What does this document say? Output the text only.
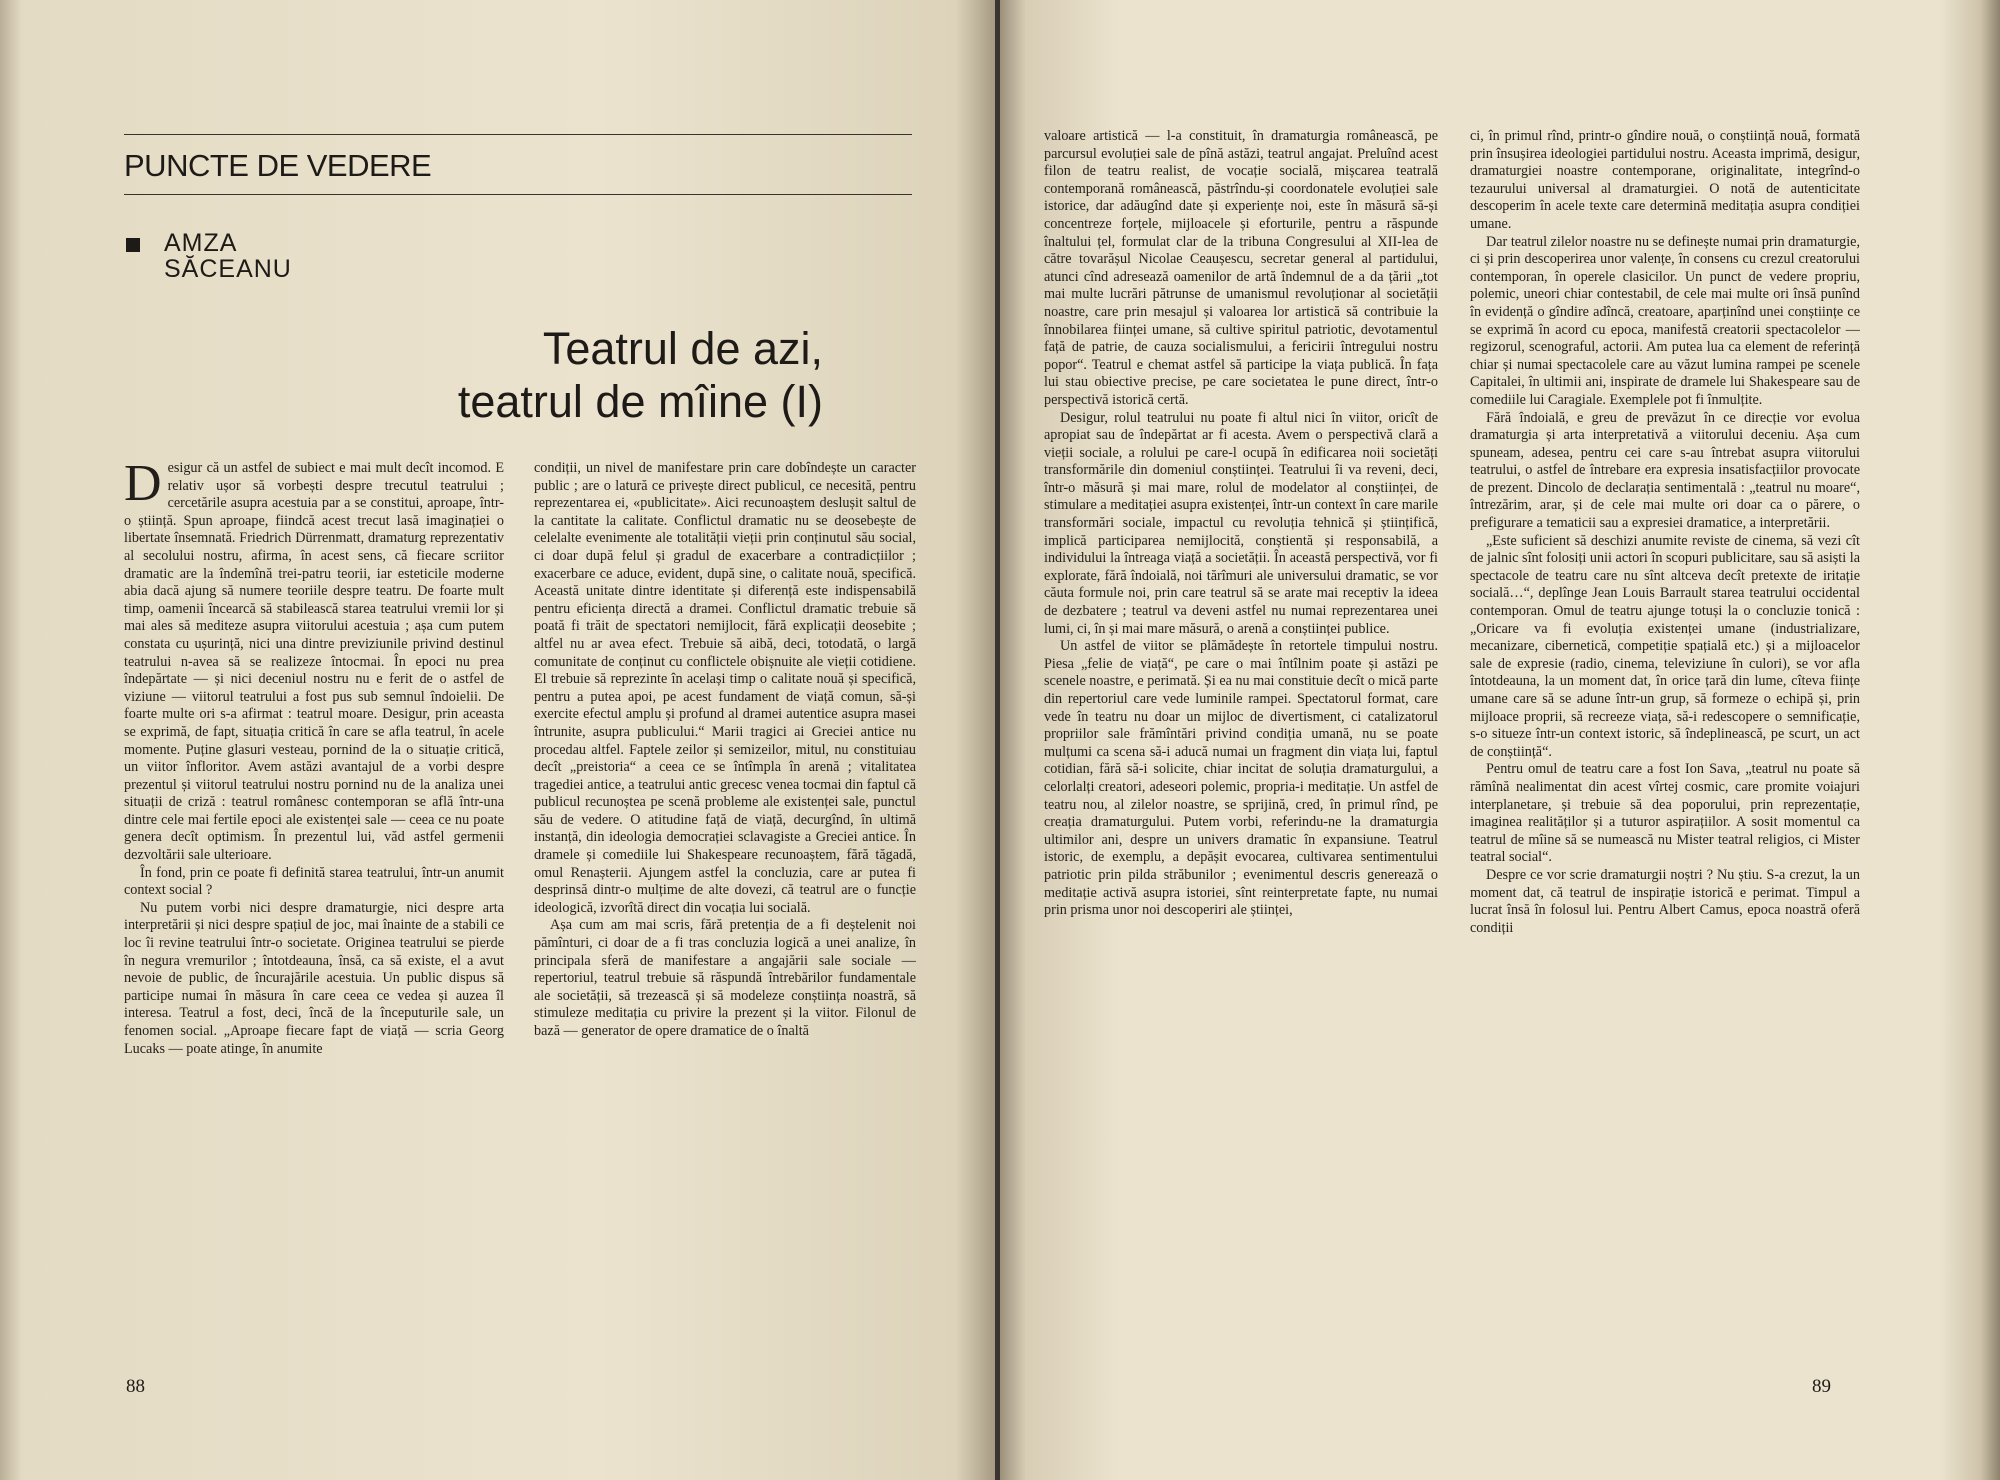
PUNCTE DE VEDERE
AMZA
SĂCEANU
Teatrul de azi,
teatrul de mîine (I)

Desigur că un astfel de subiect e mai mult decît incomod. E relativ ușor să vorbești despre trecutul teatrului ; cercetările asupra acestuia par a se constitui, aproape, într-o știință. Spun aproape, fiindcă acest trecut lasă imaginației o libertate însemnată. Friedrich Dürrenmatt, dramaturg reprezentativ al secolului nostru, afirma, în acest sens, că fiecare scriitor dramatic are la îndemînă trei-patru teorii, iar esteticile moderne abia dacă ajung să numere teoriile despre teatru. De foarte mult timp, oamenii încearcă să stabilească starea teatrului vremii lor și mai ales să mediteze asupra viitorului acestuia ; așa cum putem constata cu ușurință, nici una dintre previziunile privind destinul teatrului n-avea să se realizeze întocmai. În epoci nu prea îndepărtate — și nici deceniul nostru nu e ferit de o astfel de viziune — viitorul teatrului a fost pus sub semnul îndoielii. De foarte multe ori s-a afirmat : teatrul moare. Desigur, prin aceasta se exprimă, de fapt, situația critică în care se afla teatrul, în acele momente. Puține glasuri vesteau, pornind de la o situație critică, un viitor înfloritor. Avem astăzi avantajul de a vorbi despre prezentul și viitorul teatrului nostru pornind nu de la analiza unei situații de criză : teatrul românesc contemporan se află într-una dintre cele mai fertile epoci ale existenței sale — ceea ce nu poate genera decît optimism. În prezentul lui, văd astfel germenii dezvoltării sale ulterioare.

În fond, prin ce poate fi definită starea teatrului, într-un anumit context social ?

Nu putem vorbi nici despre dramaturgie, nici despre arta interpretării și nici despre spațiul de joc, mai înainte de a stabili ce loc îi revine teatrului într-o societate. Originea teatrului se pierde în negura vremurilor ; întotdeauna, însă, ca să existe, el a avut nevoie de public, de încurajările acestuia. Un public dispus să participe numai în măsura în care ceea ce vedea și auzea îl interesa. Teatrul a fost, deci, încă de la începuturile sale, un fenomen social. „Aproape fiecare fapt de viață — scria Georg Lucaks — poate atinge, în anumite

condiții, un nivel de manifestare prin care dobîndește un caracter public ; are o latură ce privește direct publicul, ce necesită, pentru reprezentarea ei, «publicitate». Aici recunoaștem deslușit saltul de la cantitate la calitate. Conflictul dramatic nu se deosebește de celelalte evenimente ale totalității vieții prin conținutul său social, ci doar după felul și gradul de exacerbare a contradicțiilor ; exacerbare ce aduce, evident, după sine, o calitate nouă, specifică. Această unitate dintre identitate și diferență este indispensabilă pentru eficiența directă a dramei. Conflictul dramatic trebuie să poată fi trăit de spectatori nemijlocit, fără explicații deosebite ; altfel nu ar avea efect. Trebuie să aibă, deci, totodată, o largă comunitate de conținut cu conflictele obișnuite ale vieții cotidiene. El trebuie să reprezinte în același timp o calitate nouă și specifică, pentru a putea apoi, pe acest fundament de viață comun, să-și exercite efectul amplu și profund al dramei autentice asupra masei întrunite, asupra publicului.“ Marii tragici ai Greciei antice nu procedau altfel. Faptele zeilor și semizeilor, mitul, nu constituiau decît „preistoria“ a ceea ce se întîmpla în arenă ; vitalitatea tragediei antice, a teatrului antic grecesc venea tocmai din faptul că publicul recunoștea pe scenă probleme ale existenței sale, punctul său de vedere. O atitudine față de viață, decurgînd, în ultimă instanță, din ideologia democrației sclavagiste a Greciei antice. În dramele și comediile lui Shakespeare recunoaștem, fără tăgadă, omul Renașterii. Ajungem astfel la concluzia, care ar putea fi desprinsă dintr-o mulțime de alte dovezi, că teatrul are o funcție ideologică, izvorîtă direct din vocația lui socială.

Așa cum am mai scris, fără pretenția de a fi deștelenit noi pămînturi, ci doar de a fi tras concluzia logică a unei analize, în principala sferă de manifestare a angajării sale sociale — repertoriul, teatrul trebuie să răspundă întrebărilor fundamentale ale societății, să trezească și să modeleze conștiința noastră, să stimuleze meditația cu privire la prezent și la viitor. Filonul de bază — generator de opere dramatice de o înaltă

88

valoare artistică — l-a constituit, în dramaturgia românească, pe parcursul evoluției sale de pînă astăzi, teatrul angajat. Preluînd acest filon de teatru realist, de vocație socială, mișcarea teatrală contemporană românească, păstrîndu-și coordonatele evoluției sale istorice, dar adăugînd date și experiențe noi, este în măsură să-și concentreze forțele, mijloacele și eforturile, pentru a răspunde înaltului țel, formulat clar de la tribuna Congresului al XII-lea de către tovarășul Nicolae Ceaușescu, secretar general al partidului, atunci cînd adresează oamenilor de artă îndemnul de a da țării „tot mai multe lucrări pătrunse de umanismul revoluționar al societății noastre, care prin mesajul și valoarea lor artistică să contribuie la înnobilarea ființei umane, să cultive spiritul patriotic, devotamentul față de patrie, de cauza socialismului, a fericirii întregului nostru popor“. Teatrul e chemat astfel să participe la viața publică. În fața lui stau obiective precise, pe care societatea le pune direct, într-o perspectivă istorică certă.

Desigur, rolul teatrului nu poate fi altul nici în viitor, oricît de apropiat sau de îndepărtat ar fi acesta. Avem o perspectivă clară a vieții sociale, a rolului pe care-l ocupă în edificarea noii societăți transformările din domeniul conștiinței. Teatrului îi va reveni, deci, într-o măsură și mai mare, rolul de modelator al conștiinței, de stimulare a meditației asupra existenței, într-un context în care marile transformări sociale, impactul cu revoluția tehnică și științifică, implică participarea nemijlocită, conștientă și responsabilă, a individului la întreaga viață a societății. În această perspectivă, vor fi explorate, fără îndoială, noi tărîmuri ale universului dramatic, se vor căuta formule noi, prin care teatrul să se arate mai receptiv la ideea de dezbatere ; teatrul va deveni astfel nu numai reprezentarea unei lumi, ci, în și mai mare măsură, o arenă a conștiinței publice.

Un astfel de viitor se plămădește în retortele timpului nostru. Piesa „felie de viață“, pe care o mai întîlnim poate și astăzi pe scenele noastre, e perimată. Și ea nu mai constituie decît o mică parte din repertoriul care vede luminile rampei. Spectatorul format, care vede în teatru nu doar un mijloc de divertisment, ci catalizatorul propriilor sale frămîntări privind condiția umană, nu se poate mulțumi ca scena să-i aducă numai un fragment din viața lui, faptul cotidian, fără să-i solicite, chiar incitat de soluția dramaturgului, a celorlalți creatori, adeseori polemic, propria-i meditație. Un astfel de teatru nou, al zilelor noastre, se sprijină, cred, în primul rînd, pe creația dramaturgului. Putem vorbi, referindu-ne la dramaturgia ultimilor ani, despre un univers dramatic în expansiune. Teatrul istoric, de exemplu, a depășit evocarea, cultivarea sentimentului patriotic prin pilda străbunilor ; evenimentul descris generează o meditație activă asupra istoriei, sînt reinterpretate fapte, nu numai prin prisma unor noi descoperiri ale științei,

ci, în primul rînd, printr-o gîndire nouă, o conștiință nouă, formată prin însușirea ideologiei partidului nostru. Aceasta imprimă, desigur, dramaturgiei noastre contemporane, originalitate, integrînd-o tezaurului universal al dramaturgiei. O notă de autenticitate descoperim în acele texte care determină meditația asupra condiției umane.

Dar teatrul zilelor noastre nu se definește numai prin dramaturgie, ci și prin descoperirea unor valențe, în consens cu crezul creatorului contemporan, în operele clasicilor. Un punct de vedere propriu, polemic, uneori chiar contestabil, de cele mai multe ori însă punînd în evidență o gîndire adîncă, creatoare, aparținînd unei conștiințe ce se exprimă în acord cu epoca, manifestă creatorii spectacolelor — regizorul, scenograful, actorii. Am putea lua ca element de referință chiar și numai spectacolele care au văzut lumina rampei pe scenele Capitalei, în ultimii ani, inspirate de dramele lui Shakespeare sau de comediile lui Caragiale. Exemplele pot fi înmulțite.

Fără îndoială, e greu de prevăzut în ce direcție vor evolua dramaturgia și arta interpretativă a viitorului deceniu. Așa cum spuneam, adesea, pentru cei care s-au întrebat asupra viitorului teatrului, o astfel de întrebare era expresia insatisfacțiilor provocate de prezent. Dincolo de declarația sentimentală : „teatrul nu moare“, întrezărim, arar, și de cele mai multe ori doar ca o părere, o prefigurare a tematicii sau a expresiei dramatice, a interpretării.

„Este suficient să deschizi anumite reviste de cinema, să vezi cît de jalnic sînt folosiți unii actori în scopuri publicitare, sau să asiști la spectacole de teatru care nu sînt altceva decît pretexte de iritație socială…“, deplînge Jean Louis Barrault starea teatrului occidental contemporan. Omul de teatru ajunge totuși la o concluzie tonică : „Oricare va fi evoluția existenței umane (industrializare, mecanizare, cibernetică, competiție spațială etc.) și a mijloacelor sale de expresie (radio, cinema, televiziune în culori), se vor afla întotdeauna, la un moment dat, în orice țară din lume, cîteva ființe umane care să se adune într-un grup, să formeze o echipă și, prin mijloace proprii, să recreeze viața, să-i redescopere o semnificație, s-o situeze într-un context istoric, să îndeplinească, pe scurt, un act de conștiință“.

Pentru omul de teatru care a fost Ion Sava, „teatrul nu poate să rămînă nealimentat din acest vîrtej cosmic, care promite voiajuri interplanetare, și trebuie să dea poporului, prin reprezentație, imaginea realităților și a tuturor aspirațiilor. A sosit momentul ca teatrul de mîine să se numească nu Mister teatral religios, ci Mister teatral social“.

Despre ce vor scrie dramaturgii noștri ? Nu știu. S-a crezut, la un moment dat, că teatrul de inspirație istorică e perimat. Timpul a lucrat însă în folosul lui. Pentru Albert Camus, epoca noastră oferă condiții

89
